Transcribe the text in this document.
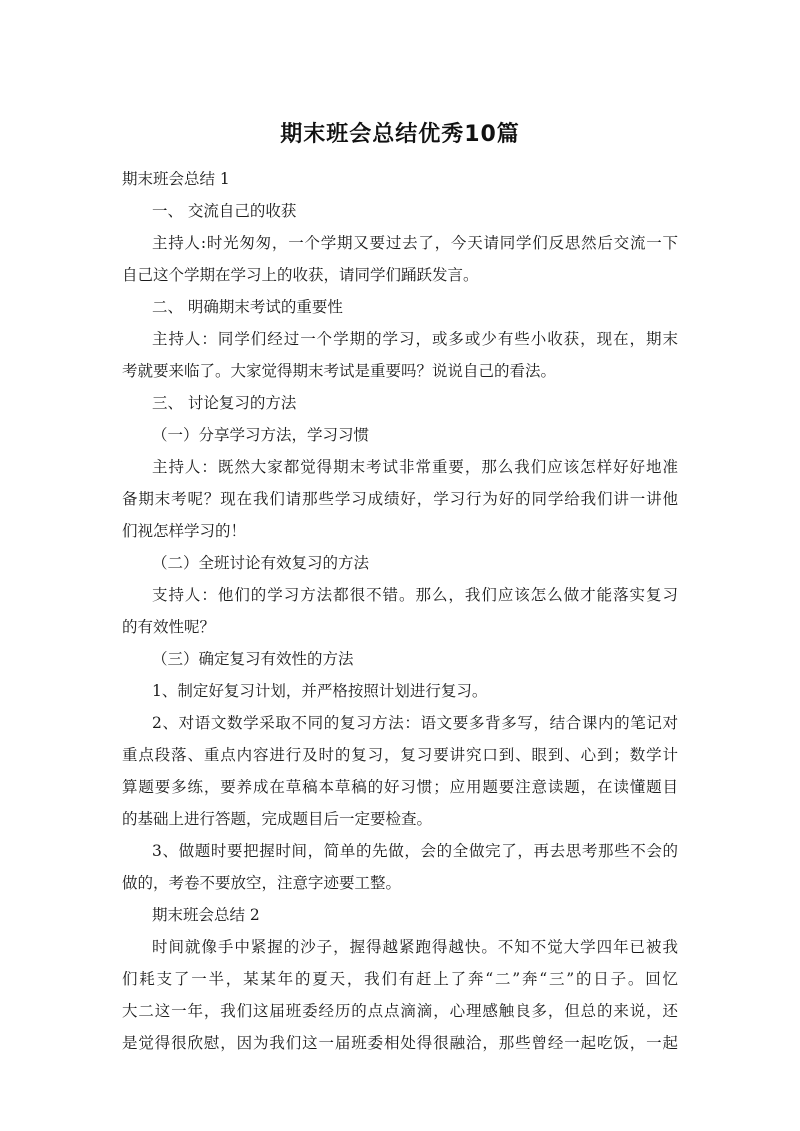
期末班会总结优秀10篇
期末班会总结 1
一、 交流自己的收获
主持人:时光匆匆，一个学期又要过去了，今天请同学们反思然后交流一下
自己这个学期在学习上的收获，请同学们踊跃发言。
二、 明确期末考试的重要性
主持人：同学们经过一个学期的学习，或多或少有些小收获，现在，期末
考就要来临了。大家觉得期末考试是重要吗？说说自己的看法。
三、 讨论复习的方法
（一）分享学习方法，学习习惯
主持人：既然大家都觉得期末考试非常重要，那么我们应该怎样好好地准
备期末考呢？现在我们请那些学习成绩好，学习行为好的同学给我们讲一讲他
们视怎样学习的！
（二）全班讨论有效复习的方法
支持人：他们的学习方法都很不错。那么，我们应该怎么做才能落实复习
的有效性呢？
（三）确定复习有效性的方法
1、制定好复习计划，并严格按照计划进行复习。
2、对语文数学采取不同的复习方法：语文要多背多写，结合课内的笔记对
重点段落、重点内容进行及时的复习，复习要讲究口到、眼到、心到；数学计
算题要多练，要养成在草稿本草稿的好习惯；应用题要注意读题，在读懂题目
的基础上进行答题，完成题目后一定要检查。
3、做题时要把握时间，简单的先做，会的全做完了，再去思考那些不会的
做的，考卷不要放空，注意字迹要工整。
期末班会总结 2
时间就像手中紧握的沙子，握得越紧跑得越快。不知不觉大学四年已被我
们耗支了一半，某某年的夏天，我们有赶上了奔“二”奔“三”的日子。回忆
大二这一年，我们这届班委经历的点点滴滴，心理感触良多，但总的来说，还
是觉得很欣慰，因为我们这一届班委相处得很融洽，那些曾经一起吃饭，一起
